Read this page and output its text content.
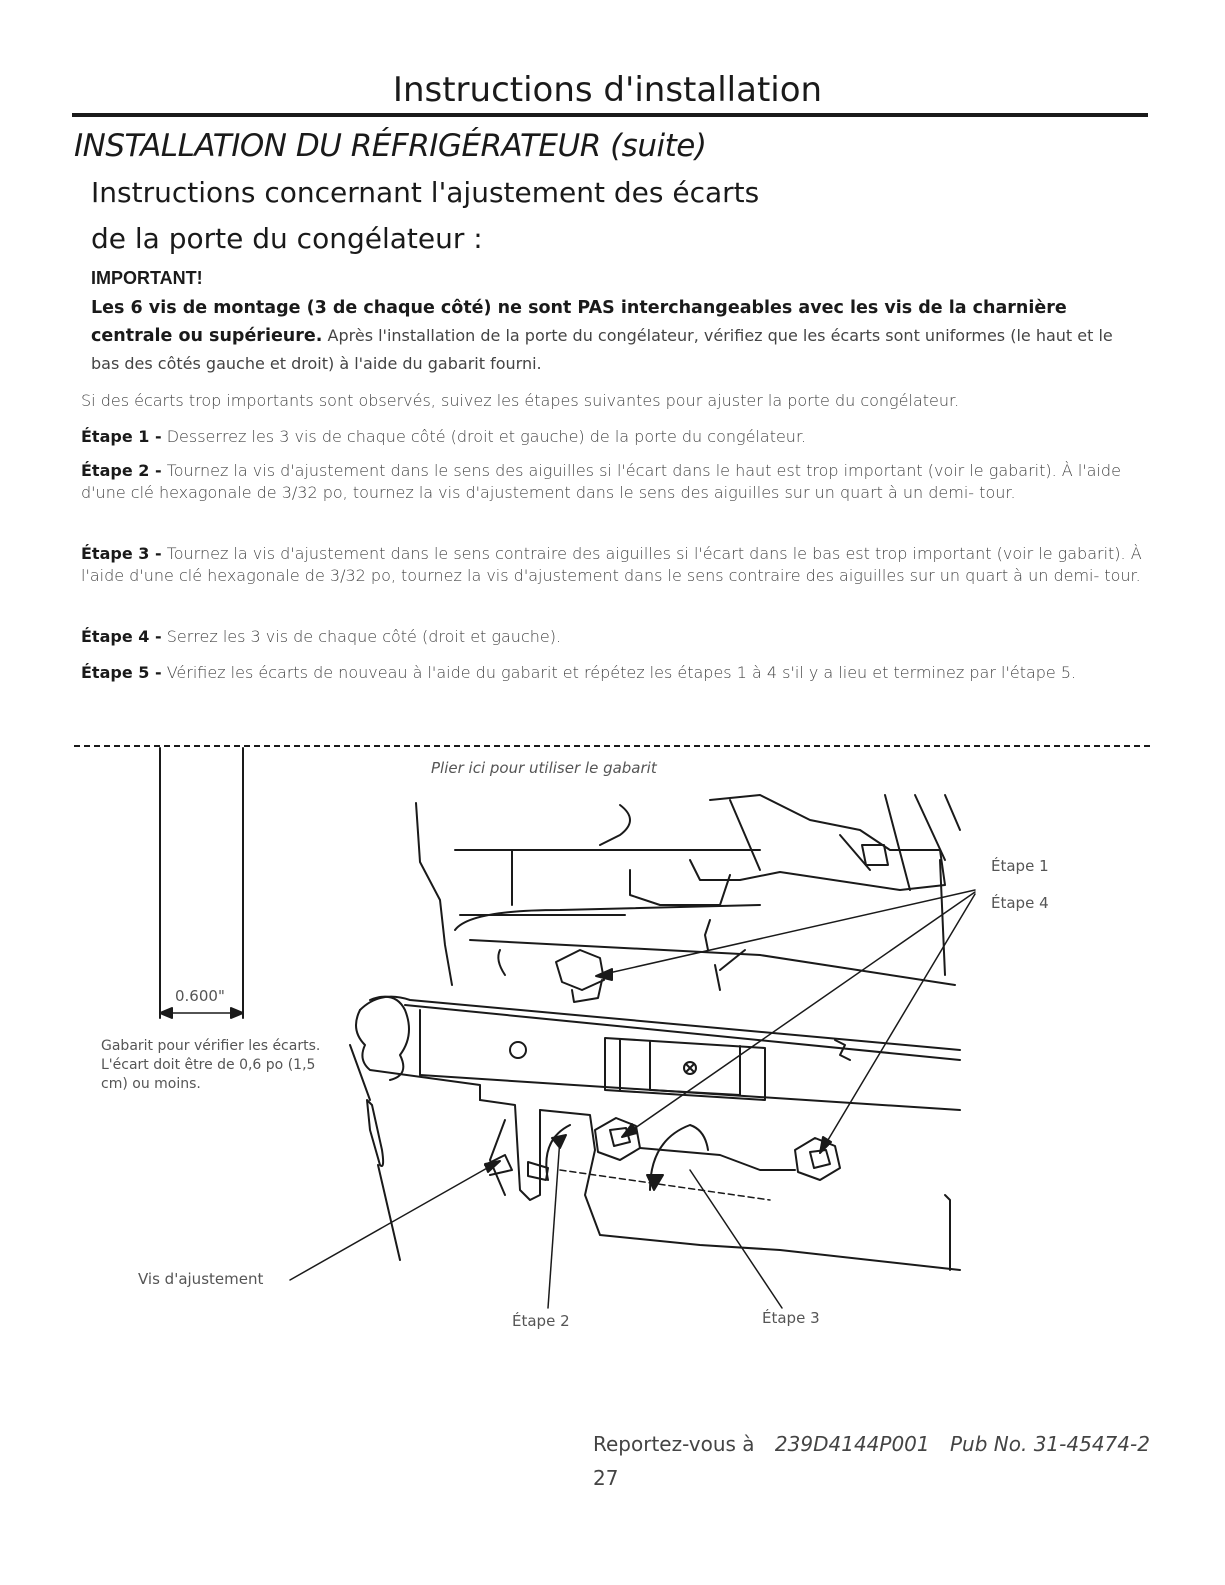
Instructions d'installation
INSTALLATION DU RÉFRIGÉRATEUR (suite)
Instructions concernant l'ajustement des écarts
de la porte du congélateur :
IMPORTANT!
Les 6 vis de montage (3 de chaque côté) ne sont PAS interchangeables avec les vis de la charnière centrale ou supérieure. Après l'installation de la porte du congélateur, vérifiez que les écarts sont uniformes (le haut et le bas des côtés gauche et droit) à l'aide du gabarit fourni.
Si des écarts trop importants sont observés, suivez les étapes suivantes pour ajuster la porte du congélateur.
Étape 1 - Desserrez les 3 vis de chaque côté (droit et gauche) de la porte du congélateur.
Étape 2 - Tournez la vis d'ajustement dans le sens des aiguilles si l'écart dans le haut est trop important (voir le gabarit). À l'aide d'une clé hexagonale de 3/32 po, tournez la vis d'ajustement dans le sens des aiguilles sur un quart à un demi- tour.
Étape 3 - Tournez la vis d'ajustement dans le sens contraire des aiguilles si l'écart dans le bas est trop important (voir le gabarit). À l'aide d'une clé hexagonale de 3/32 po, tournez la vis d'ajustement dans le sens contraire des aiguilles sur un quart à un demi- tour.
Étape 4 - Serrez les 3 vis de chaque côté (droit et gauche).
Étape 5 - Vérifiez les écarts de nouveau à l'aide du gabarit et répétez les étapes 1 à 4 s'il y a lieu et terminez par l'étape 5.
Plier ici pour utiliser le gabarit
0.600"
Gabarit pour vérifier les écarts. L'écart doit être de 0,6 po (1,5 cm) ou moins.
Étape 1
Étape 4
Étape 2	Étape 3
Vis d'ajustement
Reportez-vous à 239D4144P001 Pub No. 31-45474-2
27
